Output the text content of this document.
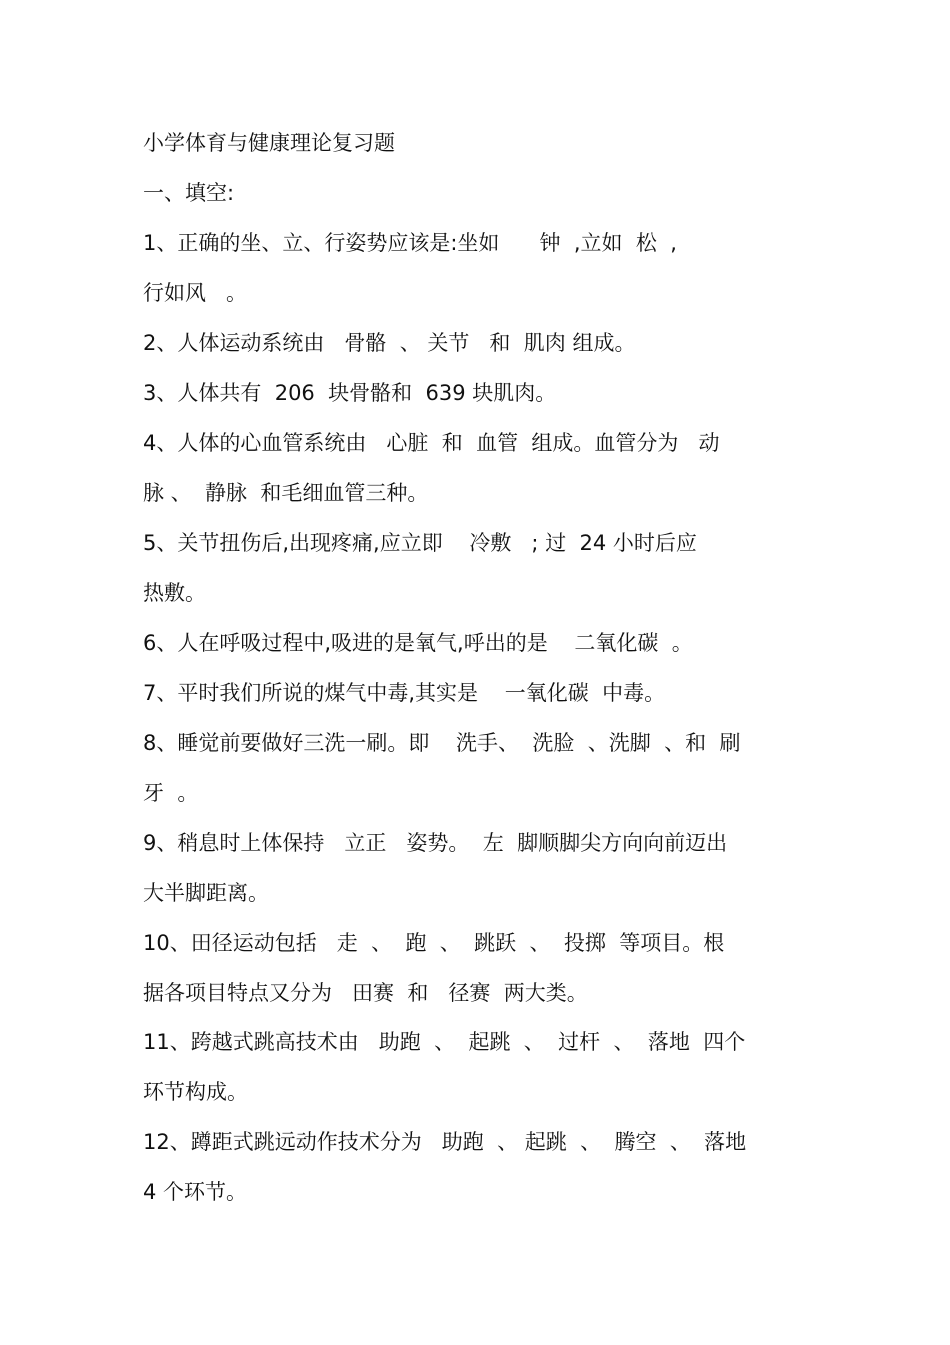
小学体育与健康理论复习题
一、填空:
1、正确的坐、立、行姿势应该是:坐如      钟  ,立如  松  ,
行如风   。
2、人体运动系统由   骨骼  、 关节   和  肌肉 组成。
3、人体共有  206  块骨骼和  639 块肌肉。
4、人体的心血管系统由   心脏  和  血管  组成。血管分为   动
脉 、  静脉  和毛细血管三种。
5、关节扭伤后,出现疼痛,应立即    冷敷   ; 过  24 小时后应
热敷。
6、人在呼吸过程中,吸进的是氧气,呼出的是    二氧化碳  。
7、平时我们所说的煤气中毒,其实是    一氧化碳  中毒。
8、睡觉前要做好三洗一刷。即    洗手、  洗脸  、洗脚  、和  刷
牙  。
9、稍息时上体保持   立正   姿势。  左  脚顺脚尖方向向前迈出
大半脚距离。
10、田径运动包括   走  、  跑  、  跳跃  、  投掷  等项目。根
据各项目特点又分为   田赛  和   径赛  两大类。
11、跨越式跳高技术由   助跑  、  起跳  、  过杆  、  落地  四个
环节构成。
12、蹲距式跳远动作技术分为   助跑  、 起跳  、  腾空  、  落地
4 个环节。
